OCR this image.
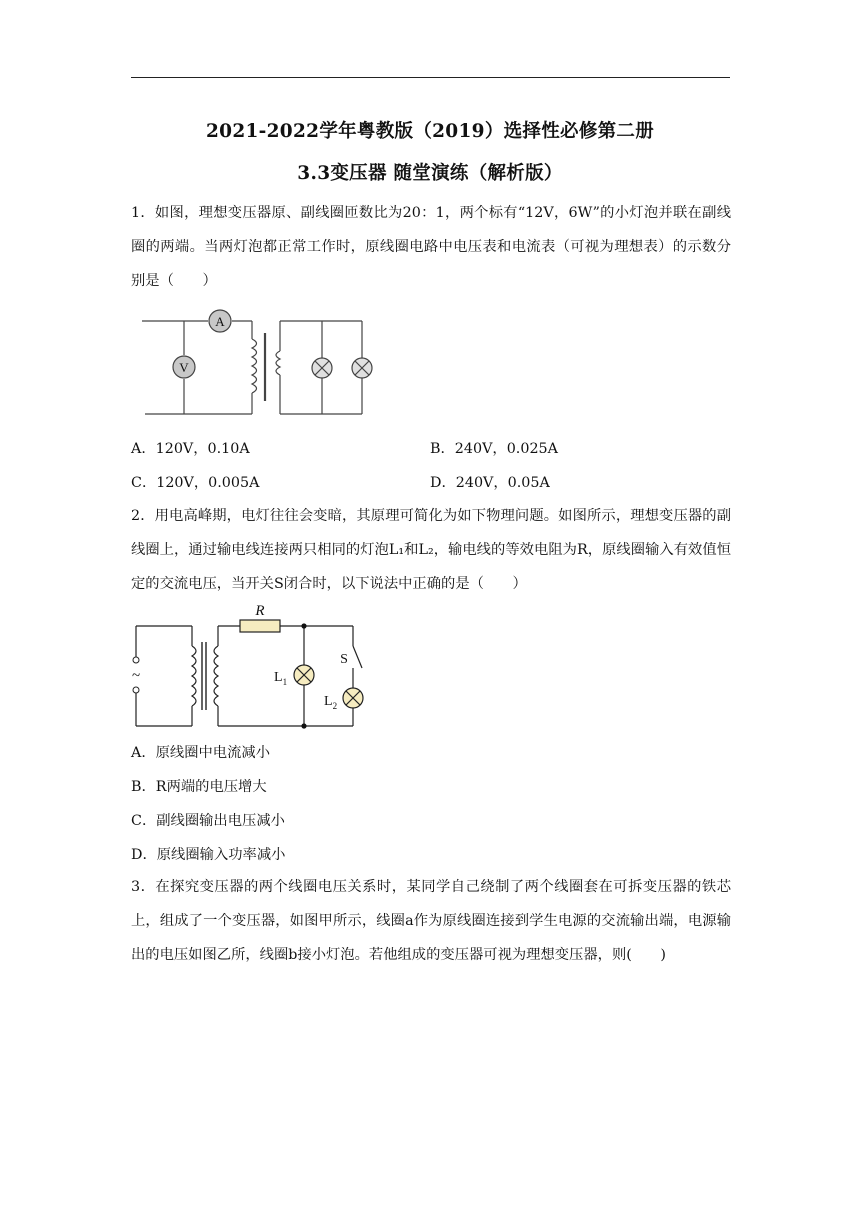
2021-2022学年粤教版（2019）选择性必修第二册
3.3变压器 随堂演练（解析版）
1．如图，理想变压器原、副线圈匝数比为20：1，两个标有“12V，6W”的小灯泡并联在副线圈的两端。当两灯泡都正常工作时，原线圈电路中电压表和电流表（可视为理想表）的示数分别是（　　）
A
V
A．120V，0.10A	B．240V，0.025A
C．120V，0.005A	D．240V，0.05A
2．用电高峰期，电灯往往会变暗，其原理可简化为如下物理问题。如图所示，理想变压器的副线圈上，通过输电线连接两只相同的灯泡L₁和L₂，输电线的等效电阻为R，原线圈输入有效值恒定的交流电压，当开关S闭合时，以下说法中正确的是（　　）
~
R
S
$L_1$
$L_2$
A．原线圈中电流减小
B．R两端的电压增大
C．副线圈输出电压减小
D．原线圈输入功率减小
3．在探究变压器的两个线圈电压关系时，某同学自己绕制了两个线圈套在可拆变压器的铁芯上，组成了一个变压器，如图甲所示，线圈a作为原线圈连接到学生电源的交流输出端，电源输出的电压如图乙所，线圈b接小灯泡。若他组成的变压器可视为理想变压器，则(　　)
